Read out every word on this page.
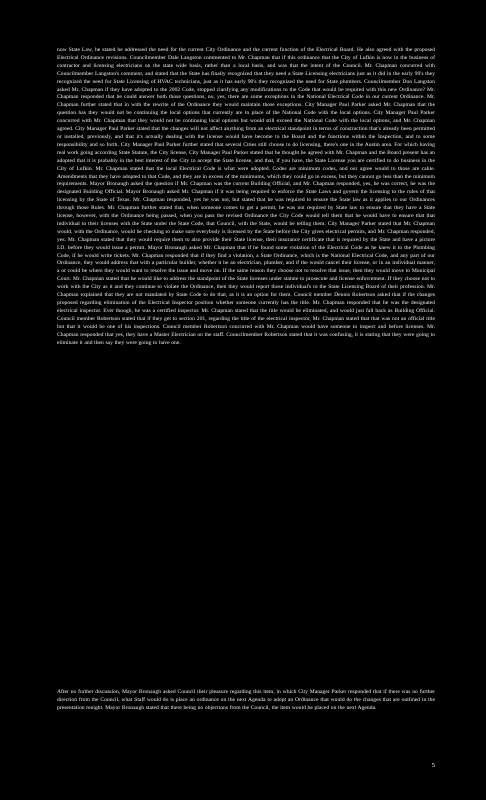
now State Law, he stated he addressed the need for the current City Ordinance and the current function of the Electrical Board. He also agreed with the proposed Electrical Ordinance revisions. Councilmember Dale Langston commented to Mr. Chapman that if this ordinance that the City of Lufkin is now in the business of contractor and licensing electricians on the state wide basis, rather than a local basis, and was that the intent of the Council. Mr. Chapman concurred with Councilmember Langston's comment, and stated that the State has finally recognized that they need a State Licensing electricians just as it did in the early 90's they recognized the need for State Licensing of HVAC technicians, just as it has early 90's they recognized the need for State plumbers. Councilmember Don Langston asked Mr. Chapman if they have adopted to the 2002 Code, stopped clarifying any modifications to the Code that would be required with this new Ordinance? Mr. Chapman responded that he could answer both those questions, no, yes, there are some exceptions in the National Electrical Code in our current Ordinance. Mr. Chapman further stated that in with the rewrite of the Ordinance they would maintain those exceptions. City Manager Paul Parker asked Mr. Chapman that the question has they would not be continuing the local options that currently are in place of the National Code with the local options. City Manager Paul Parker concurred with Mr. Chapman that they would not be continuing local options but would still exceed the National Code with the local options, and Mr. Chapman agreed. City Manager Paul Parker stated that the changes will not affect anything from an electrical standpoint in terms of construction that's already been permitted or installed, previously, and that it's actually dealing with the license would have become to the Board and the functions within the Inspection, and to some responsibility and so forth. City Manager Paul Parker further stated that several Cities still choose to do licensing, there's one in the Austin area. For which having real work going according State Statute, the City license, City Manager Paul Parker stated that he thought he agreed with Mr. Chapman and the Board present has an adopted that it is probably in the best interest of the City to accept the State license, and that, if you have, the State License you are certified to do business in the City of Lufkin. Mr. Chapman stated that the local Electrical Code is what were adopted. Codes are minimum codes, and our agree would to those are cable. Amendments that they have adopted to that Code, and they are in excess of the minimums, which they could go in excess, but they cannot go less than the minimum requirements. Mayor Bronaugh asked the question if Mr. Chapman was the current Building Official, and Mr. Chapman responded, yes, he was correct, he was the designated Building Official. Mayor Bronaugh asked Mr. Chapman if it was being required to enforce the State Laws and govern the licensing to the rules of that licensing by the State of Texas. Mr. Chapman responded, yes he was not, but stated that he was required to ensure the State law as it applies to our Ordinances through those Rules. Mr. Chapman further stated that, when someone comes to get a permit, he was not required by State law to ensure that they have a State license, however, with the Ordinance being passed, when you pass the revised Ordinance the City Code would tell them that he would have to ensure that that individual to their licenses with the State under the State Code, that Council, with the State, would be telling them. City Manager Parker stated that Mr. Chapman would, with the Ordinance, would be checking to make sure everybody is licensed by the State before the City gives electrical permits, and Mr. Chapman responded, yes. Mr. Chapman stated that they would require them to also provide their State license, their insurance certificate that is required by the State and have a picture I.D. before they would issue a permit. Mayor Bronaugh asked Mr. Chapman that if he found some violation of the Electrical Code as he knew it to the Plumbing Code, if he would write tickets. Mr. Chapman responded that if they find a violation, a State Ordinance, which is the National Electrical Code, and any part of our Ordinance, they would address that with a particular builder, whether it be an electrician, plumber, and if the would cancel their license, or in an individual manner, a or could be where they would want to resolve the issue and move on. If the same reason they choose not to resolve that issue, then they would move to Municipal Court. Mr. Chapman stated that he would like to address the standpoint of the State licenses under statute to prosecute and license enforcement. If they choose not to work with the City as it and they continue to violate the Ordinance, then they would report those individual's to the State Licensing Board of their profession. Mr. Chapman explained that they are not mandated by State Code to do that, as it is an option for them. Council member Dennis Robertson asked that if the changes proposed regarding elimination of the Electrical Inspector position whether someone currently has the title. Mr. Chapman responded that he was the designated electrical inspector. Ever though, he was a certified inspector. Mr. Chapman stated that the title would be eliminated, and would just fall back as Building Official. Council member Robertson stated that if they get to section 201, regarding the title of the electrical inspector, Mr. Chapman stated that that was not an official title but that it would be one of his inspections. Council member Robertson concurred with Mr. Chapman would have someone to inspect and before licenses. Mr. Chapman responded that yes, they have a Master Electrician on the staff. Councilmember Robertson stated that it was confusing, it is stating that they were going to eliminate it and then say they were going to have one.

After no further discussion, Mayor Bronaugh asked Council their pleasure regarding this item, in which City Manager Parker responded that if there was no further direction from the Council, what Staff would do is place an ordinance on the next Agenda to adopt an Ordinance that would do the changes that are outlined in the presentation tonight. Mayor Bronaugh stated that there being no objections from the Council, the item would be placed on the next Agenda.

5
